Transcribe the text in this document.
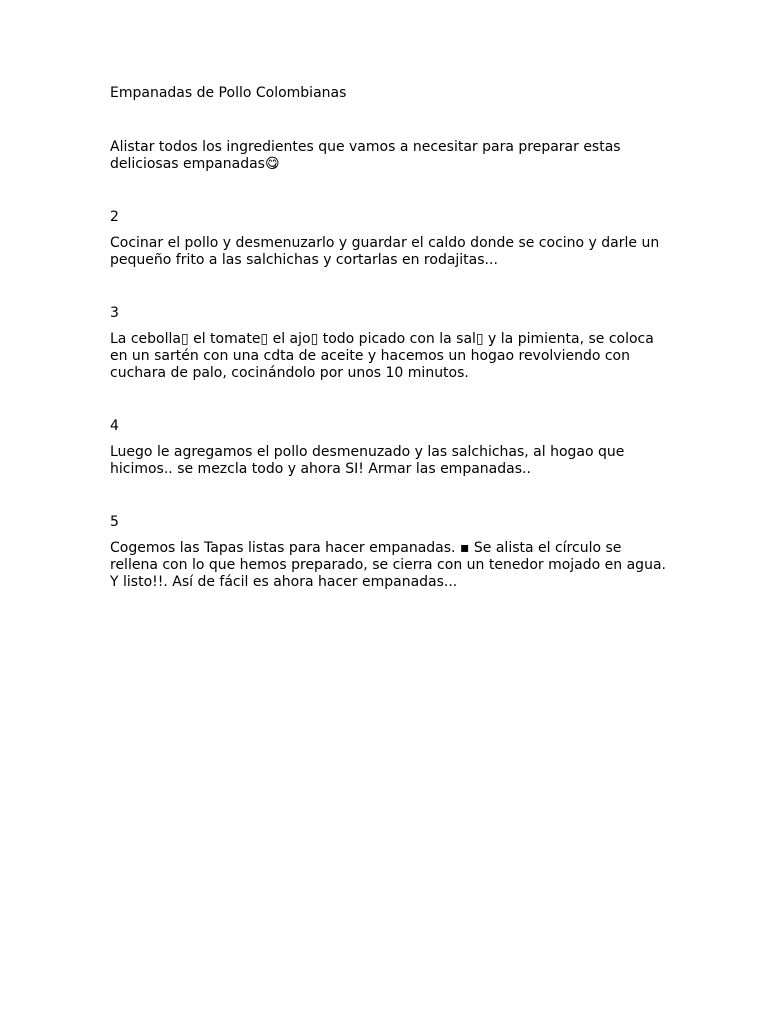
Empanadas de Pollo Colombianas
Alistar todos los ingredientes que vamos a necesitar para preparar estas deliciosas empanadas😋
2
Cocinar el pollo y desmenuzarlo y guardar el caldo donde se cocino y darle un pequeño frito a las salchichas y cortarlas en rodajitas...
3
La cebolla▯ el tomate▯ el ajo▯ todo picado con la sal▯ y la pimienta, se coloca en un sartén con una cdta de aceite y hacemos un hogao revolviendo con cuchara de palo, cocinándolo por unos 10 minutos.
4
Luego le agregamos el pollo desmenuzado y las salchichas, al hogao que hicimos.. se mezcla todo y ahora SI! Armar las empanadas..
5
Cogemos las Tapas listas para hacer empanadas. ▪ Se alista el círculo se rellena con lo que hemos preparado, se cierra con un tenedor mojado en agua. Y listo!!. Así de fácil es ahora hacer empanadas...
